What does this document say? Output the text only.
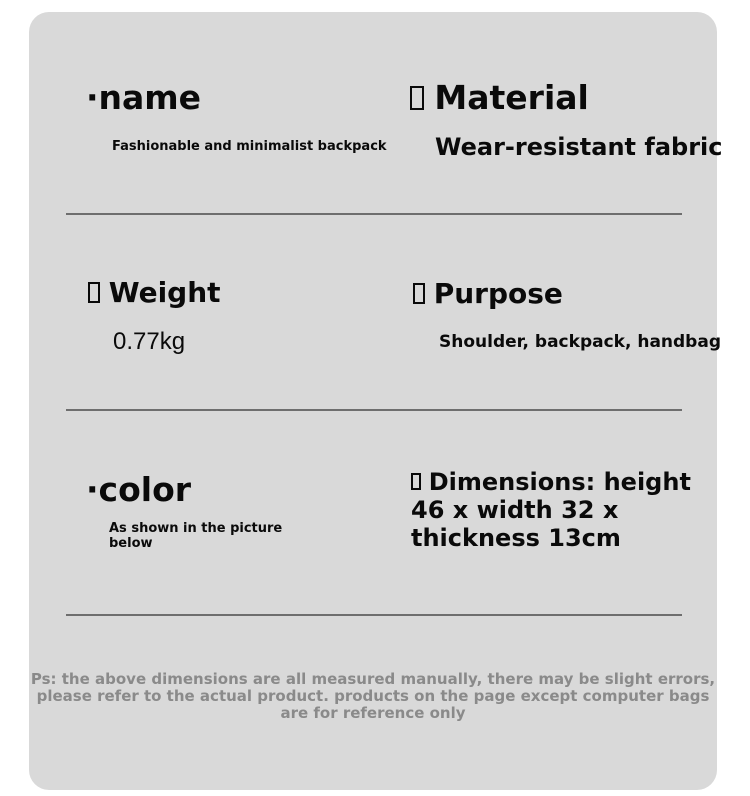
·name
Fashionable and minimalist backpack
Material
Wear-resistant fabric
Weight
0.77kg
Purpose
Shoulder, backpack, handbag
·color
As shown in the picture below
Dimensions: height 46 x width 32 x thickness 13cm
Ps: the above dimensions are all measured manually, there may be slight errors, please refer to the actual product. products on the page except computer bags are for reference only
